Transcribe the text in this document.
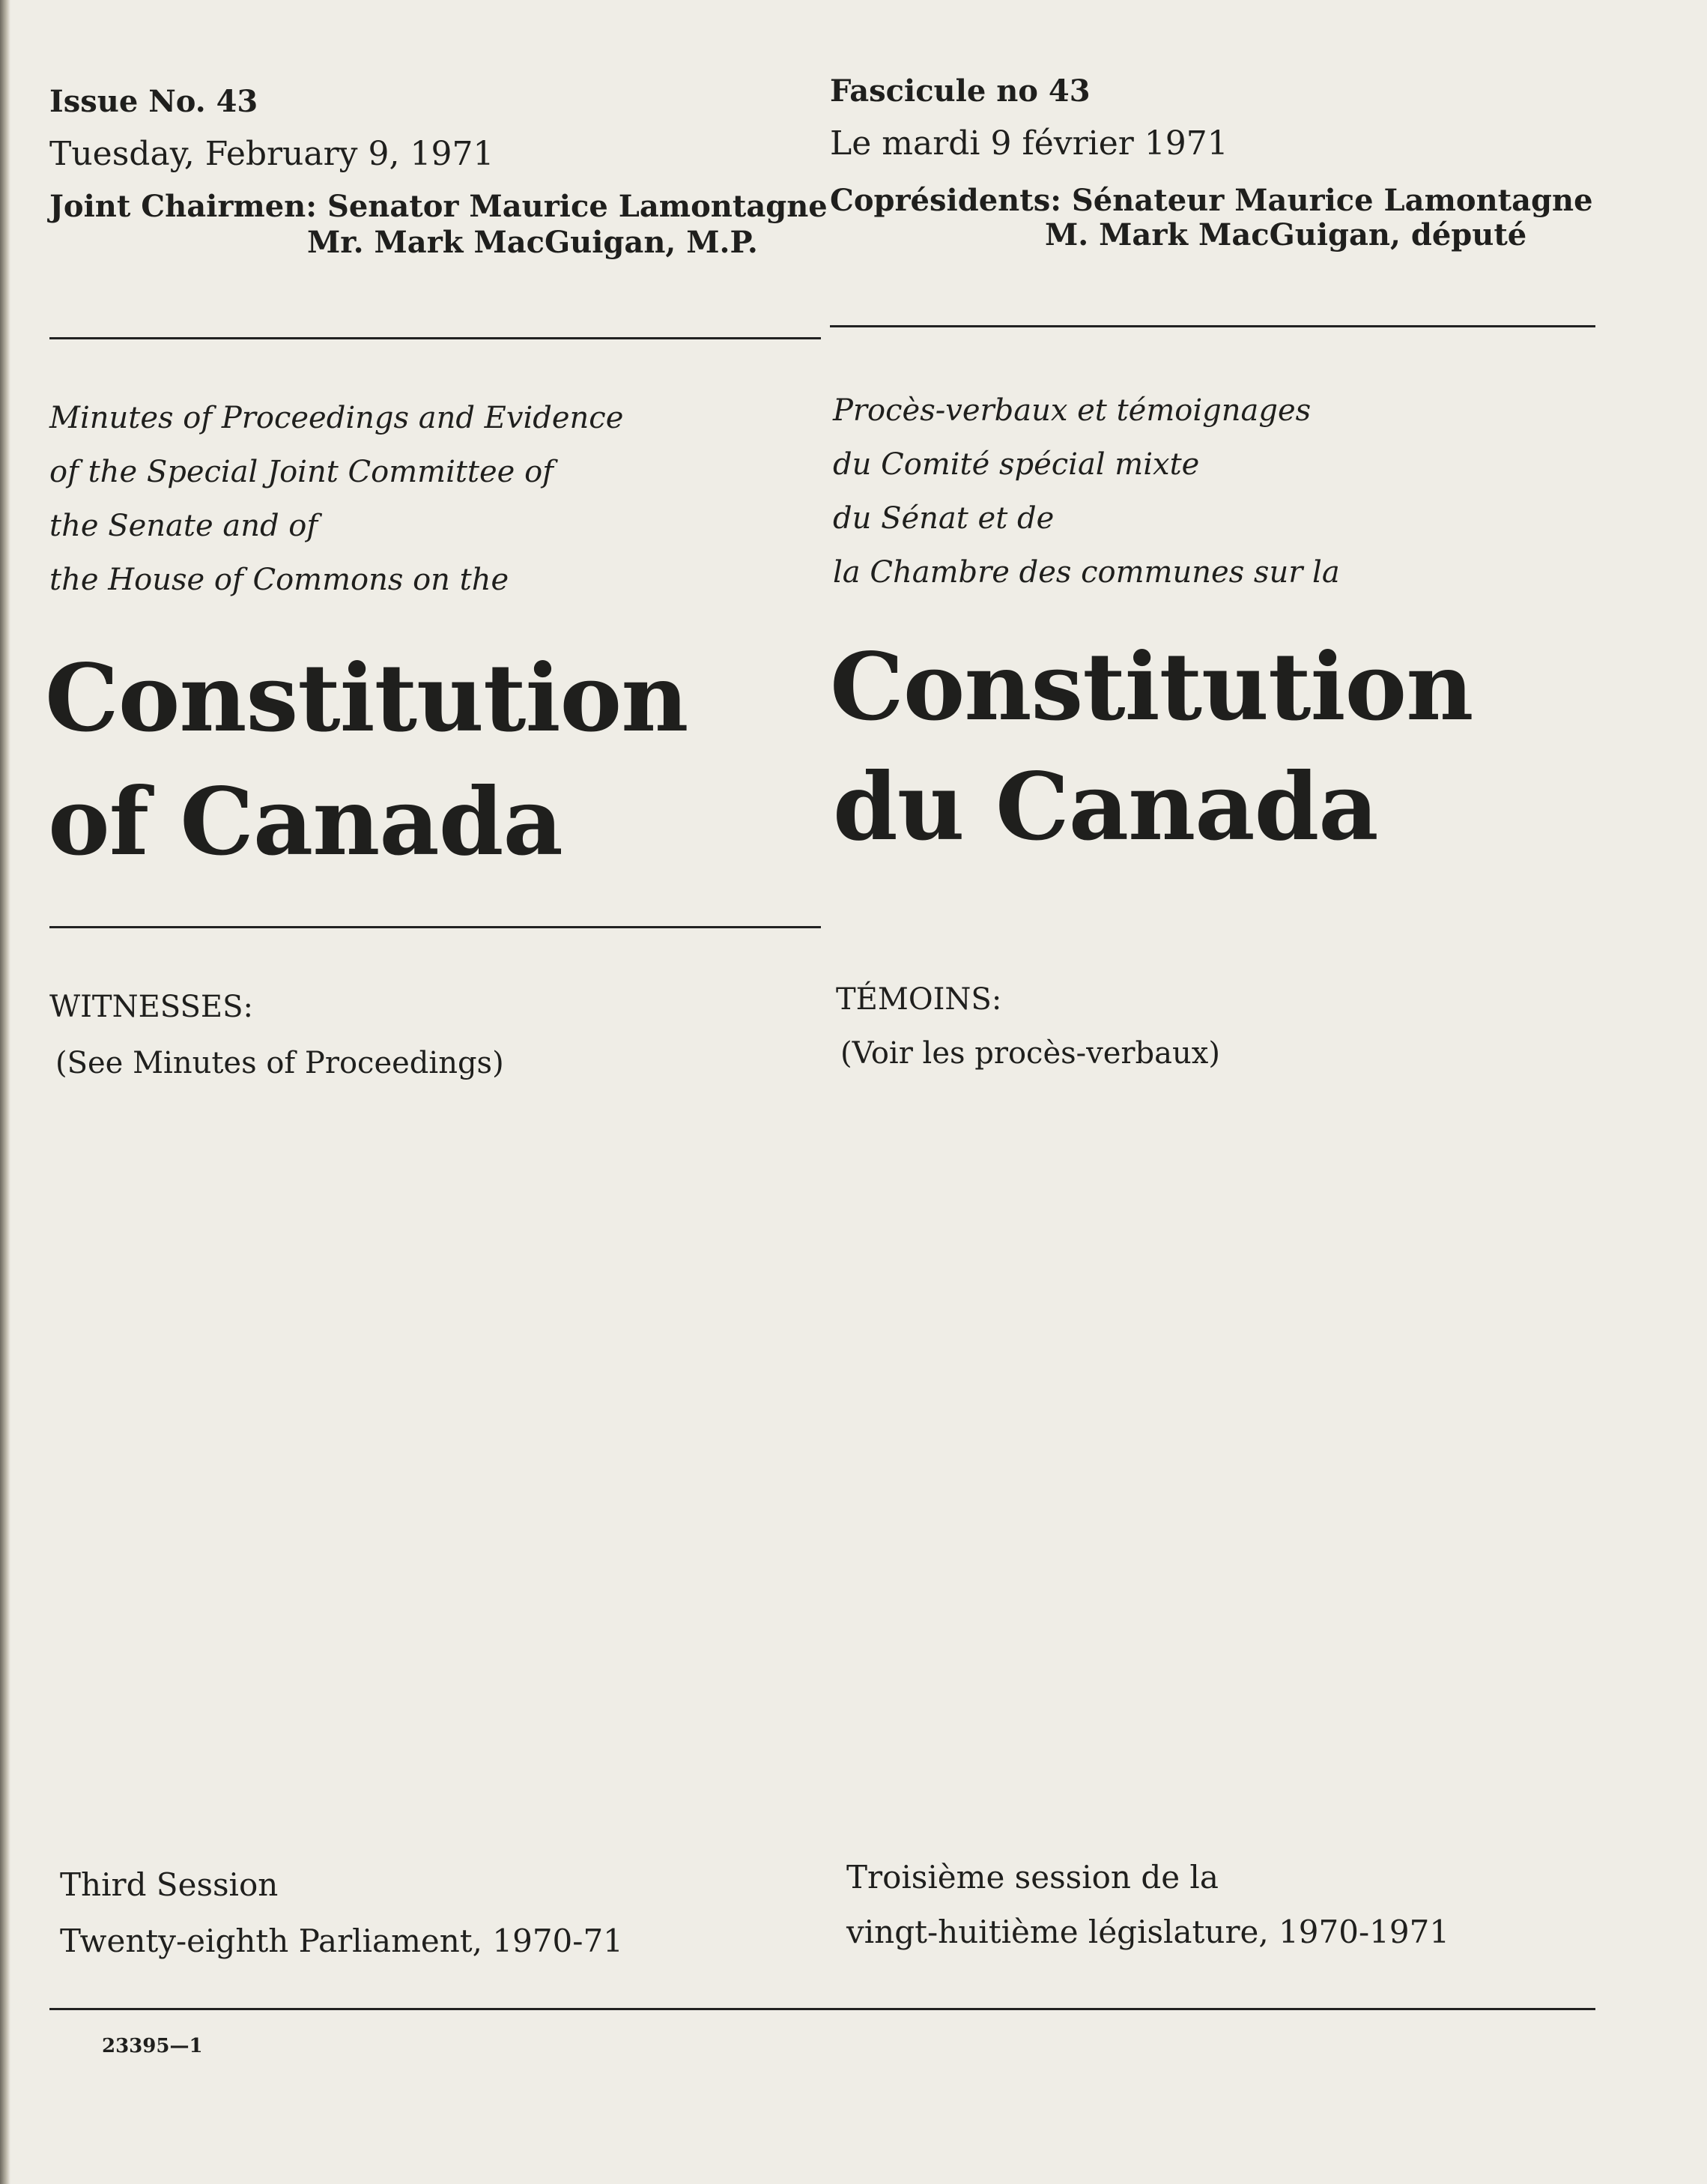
Issue No. 43
Tuesday, February 9, 1971
Joint Chairmen: Senator Maurice Lamontagne
Mr. Mark MacGuigan, M.P.
Minutes of Proceedings and Evidence
of the Special Joint Committee of
the Senate and of
the House of Commons on the
Constitution
of Canada
WITNESSES:
(See Minutes of Proceedings)
Third Session
Twenty-eighth Parliament, 1970-71
23395—1
Fascicule no 43
Le mardi 9 février 1971
Coprésidents: Sénateur Maurice Lamontagne
M. Mark MacGuigan, député
Procès-verbaux et témoignages
du Comité spécial mixte
du Sénat et de
la Chambre des communes sur la
Constitution
du Canada
TÉMOINS:
(Voir les procès-verbaux)
Troisième session de la
vingt-huitième législature, 1970-1971
